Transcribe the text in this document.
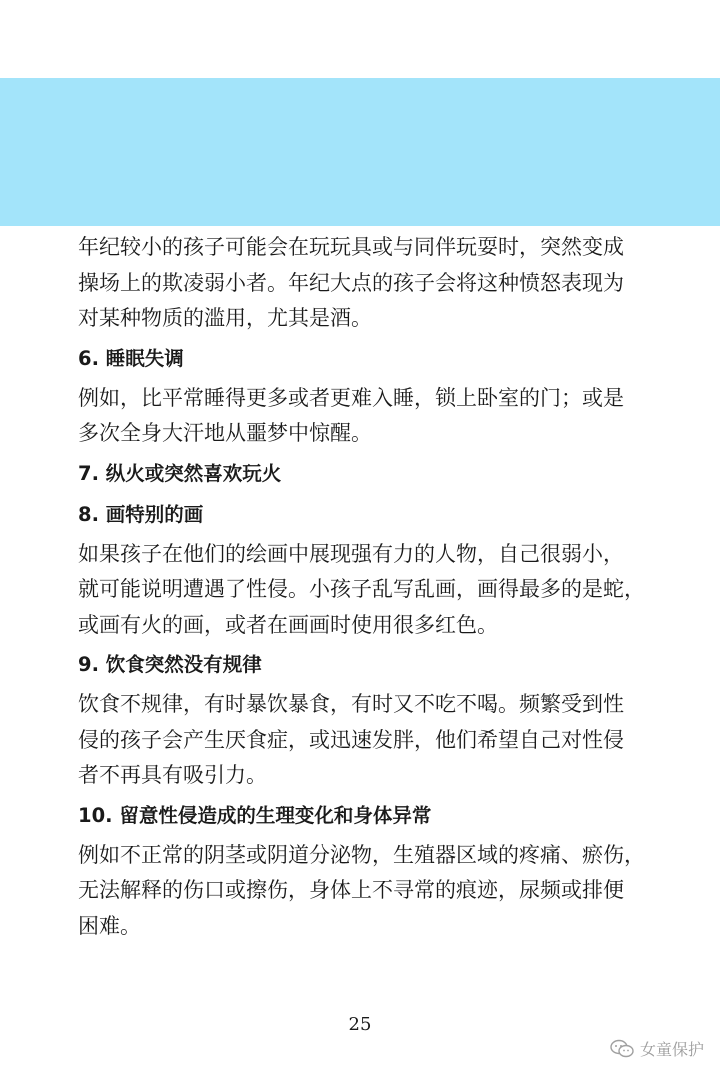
年纪较小的孩子可能会在玩玩具或与同伴玩耍时，突然变成

操场上的欺凌弱小者。年纪大点的孩子会将这种愤怒表现为

对某种物质的滥用，尤其是酒。

6. 睡眠失调

例如，比平常睡得更多或者更难入睡，锁上卧室的门；或是

多次全身大汗地从噩梦中惊醒。

7. 纵火或突然喜欢玩火

8. 画特别的画

如果孩子在他们的绘画中展现强有力的人物，自己很弱小，

就可能说明遭遇了性侵。小孩子乱写乱画，画得最多的是蛇，

或画有火的画，或者在画画时使用很多红色。

9. 饮食突然没有规律

饮食不规律，有时暴饮暴食，有时又不吃不喝。频繁受到性

侵的孩子会产生厌食症，或迅速发胖，他们希望自己对性侵

者不再具有吸引力。

10. 留意性侵造成的生理变化和身体异常

例如不正常的阴茎或阴道分泌物，生殖器区域的疼痛、瘀伤，

无法解释的伤口或擦伤，身体上不寻常的痕迹，尿频或排便

困难。

25
女童保护
